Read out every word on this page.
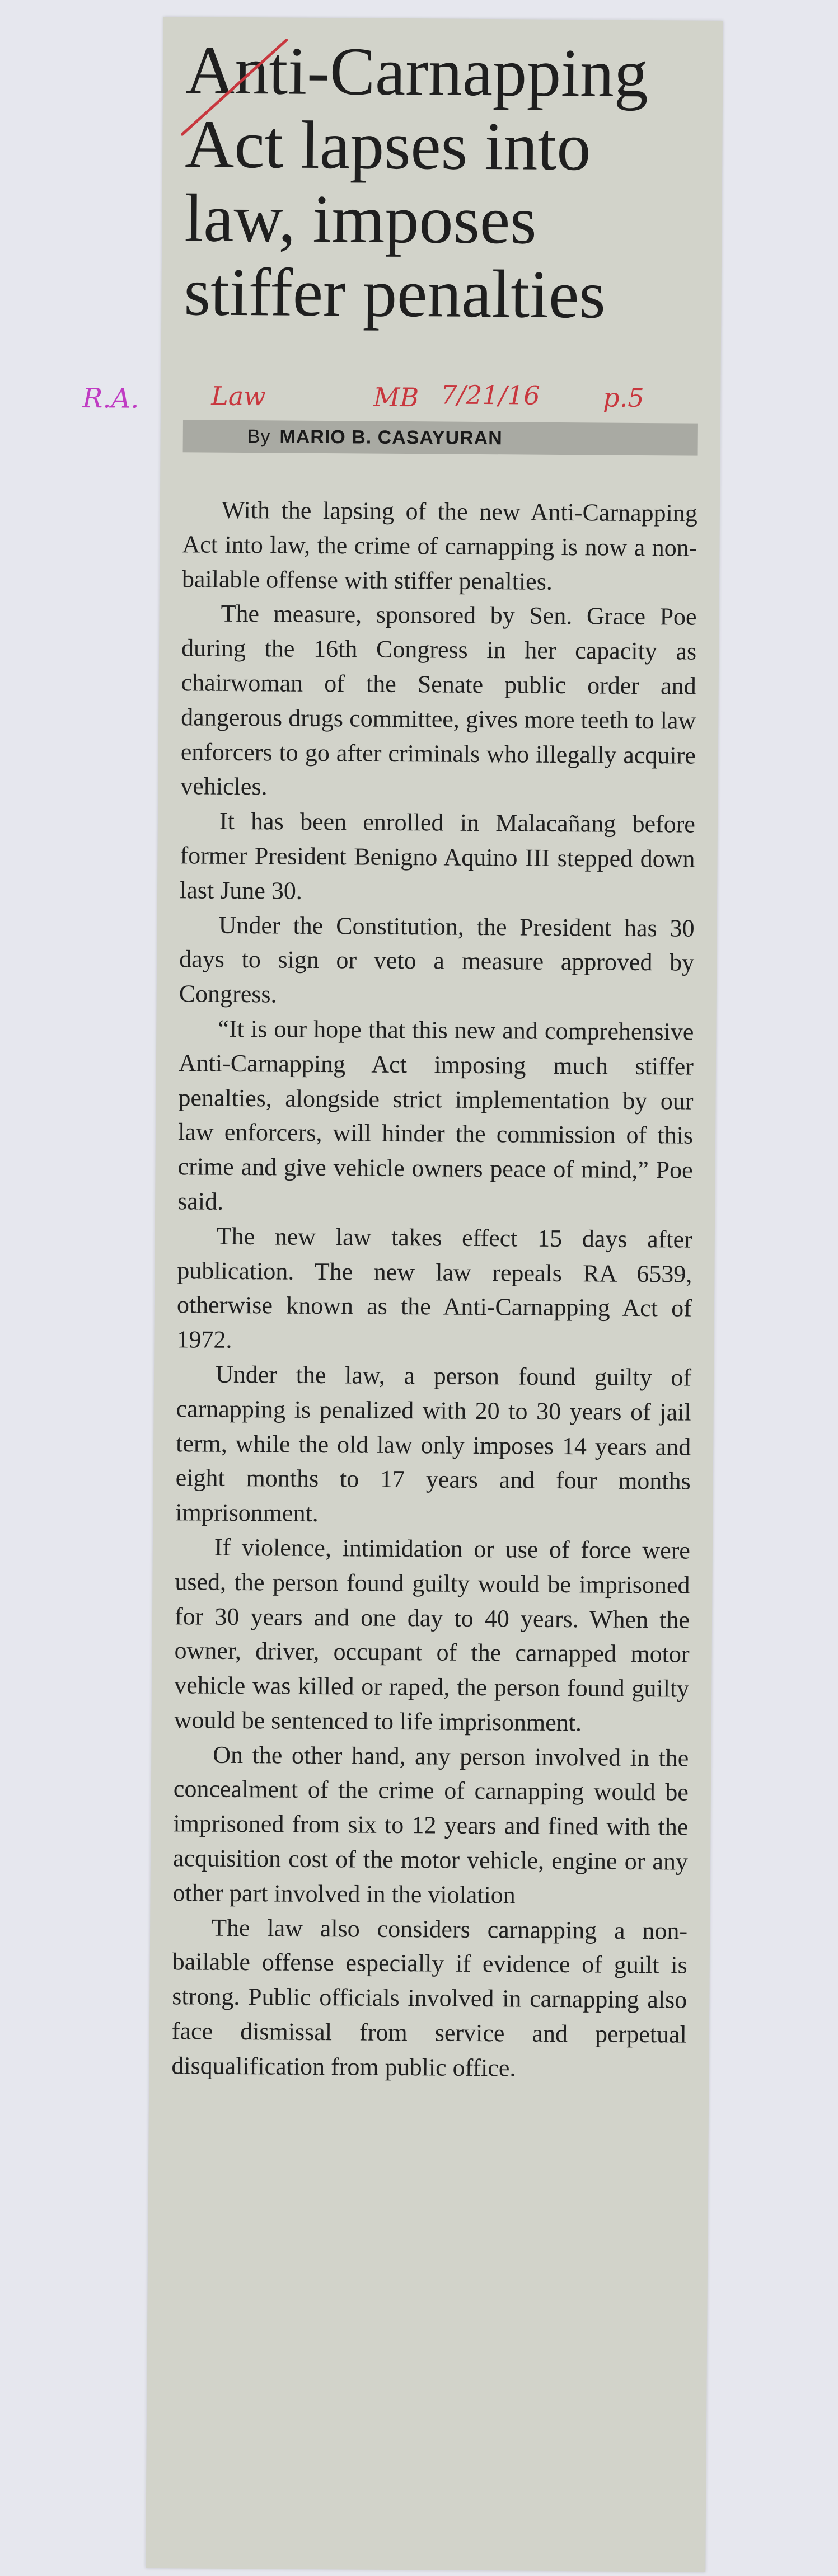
Anti-Carnapping
Act lapses into
law, imposes
stiffer penalties
R.A.	Law	MB 7/21/16 p.5
By MARIO B. CASAYURAN

With the lapsing of the new Anti-Carnapping Act into law, the crime of carnapping is now a non-bailable offense with stiffer penalties.

The measure, sponsored by Sen. Grace Poe during the 16th Congress in her capacity as chairwoman of the Senate public order and dangerous drugs committee, gives more teeth to law enforcers to go after criminals who illegally acquire vehicles.

It has been enrolled in Malacañang before former President Benigno Aquino III stepped down last June 30.

Under the Constitution, the President has 30 days to sign or veto a measure approved by Congress.

“It is our hope that this new and comprehensive Anti-Carnapping Act imposing much stiffer penalties, alongside strict implementation by our law enforcers, will hinder the commission of this crime and give vehicle owners peace of mind,” Poe said.

The new law takes effect 15 days after publication. The new law repeals RA 6539, otherwise known as the Anti-Carnapping Act of 1972.

Under the law, a person found guilty of carnapping is penalized with 20 to 30 years of jail term, while the old law only imposes 14 years and eight months to 17 years and four months imprisonment.

If violence, intimidation or use of force were used, the person found guilty would be imprisoned for 30 years and one day to 40 years. When the owner, driver, occupant of the carnapped motor vehicle was killed or raped, the person found guilty would be sentenced to life imprisonment.

On the other hand, any person involved in the concealment of the crime of carnapping would be imprisoned from six to 12 years and fined with the acquisition cost of the motor vehicle, engine or any other part involved in the violation

The law also considers carnapping a non-bailable offense especially if evidence of guilt is strong. Public officials involved in carnapping also face dismissal from service and perpetual disqualification from public office.
